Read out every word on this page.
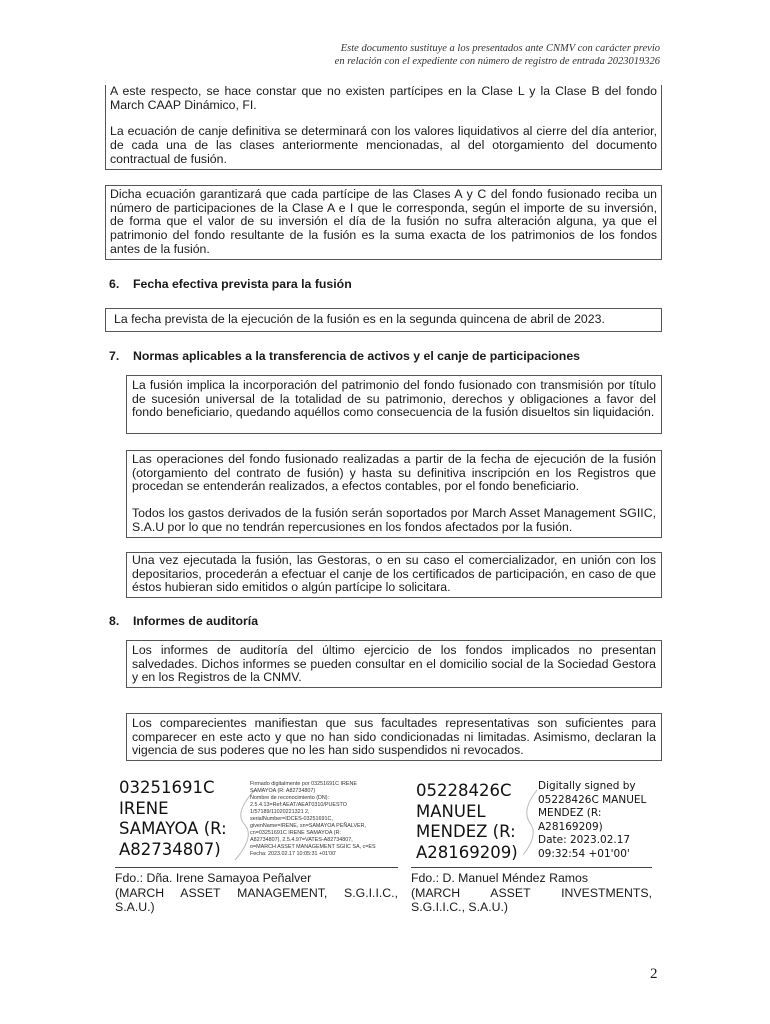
Este documento sustituye a los presentados ante CNMV con carácter previo
en relación con el expediente con número de registro de entrada 2023019326

A este respecto, se hace constar que no existen partícipes en la Clase L y la Clase B del fondo March CAAP Dinámico, FI.

La ecuación de canje definitiva se determinará con los valores liquidativos al cierre del día anterior, de cada una de las clases anteriormente mencionadas, al del otorgamiento del documento contractual de fusión.

Dicha ecuación garantizará que cada partícipe de las Clases A y C del fondo fusionado reciba un número de participaciones de la Clase A e I que le corresponda, según el importe de su inversión, de forma que el valor de su inversión el día de la fusión no sufra alteración alguna, ya que el patrimonio del fondo resultante de la fusión es la suma exacta de los patrimonios de los fondos antes de la fusión.

6. Fecha efectiva prevista para la fusión

La fecha prevista de la ejecución de la fusión es en la segunda quincena de abril de 2023.

7. Normas aplicables a la transferencia de activos y el canje de participaciones

La fusión implica la incorporación del patrimonio del fondo fusionado con transmisión por título de sucesión universal de la totalidad de su patrimonio, derechos y obligaciones a favor del fondo beneficiario, quedando aquéllos como consecuencia de la fusión disueltos sin liquidación.

Las operaciones del fondo fusionado realizadas a partir de la fecha de ejecución de la fusión (otorgamiento del contrato de fusión) y hasta su definitiva inscripción en los Registros que procedan se entenderán realizados, a efectos contables, por el fondo beneficiario.

Todos los gastos derivados de la fusión serán soportados por March Asset Management SGIIC, S.A.U por lo que no tendrán repercusiones en los fondos afectados por la fusión.

Una vez ejecutada la fusión, las Gestoras, o en su caso el comercializador, en unión con los depositarios, procederán a efectuar el canje de los certificados de participación, en caso de que éstos hubieran sido emitidos o algún partícipe lo solicitara.

8. Informes de auditoría

Los informes de auditoría del último ejercicio de los fondos implicados no presentan salvedades. Dichos informes se pueden consultar en el domicilio social de la Sociedad Gestora y en los Registros de la CNMV.

Los comparecientes manifiestan que sus facultades representativas son suficientes para comparecer en este acto y que no han sido condicionadas ni limitadas. Asimismo, declaran la vigencia de sus poderes que no les han sido suspendidos ni revocados.

03251691C
IRENE
SAMAYOA (R:
A82734807)
Firmado digitalmente por 03251691C IRENE
SAMAYOA (R: A82734807)
Nombre de reconocimiento (DN):
2.5.4.13=Ref:AEAT/AEAT0310/PUESTO
1/57189/11020221321 2,
serialNumber=IDCES-03251691C,
givenName=IRENE, sn=SAMAYOA PEÑALVER,
cn=03251691C IRENE SAMAYOA (R:
A82734807), 2.5.4.97=VATES-A82734807,
o=MARCH ASSET MANAGEMENT SGIIC SA, c=ES
Fecha: 2023.02.17 10:05:31 +01'00'
Fdo.: Dña. Irene Samayoa Peñalver
(MARCH ASSET MANAGEMENT, S.G.I.I.C., S.A.U.)
05228426C
MANUEL
MENDEZ (R:
A28169209)
Digitally signed by
05228426C MANUEL
MENDEZ (R:
A28169209)
Date: 2023.02.17
09:32:54 +01'00'
Fdo.: D. Manuel Méndez Ramos
(MARCH ASSET INVESTMENTS, S.G.I.I.C., S.A.U.)
2
